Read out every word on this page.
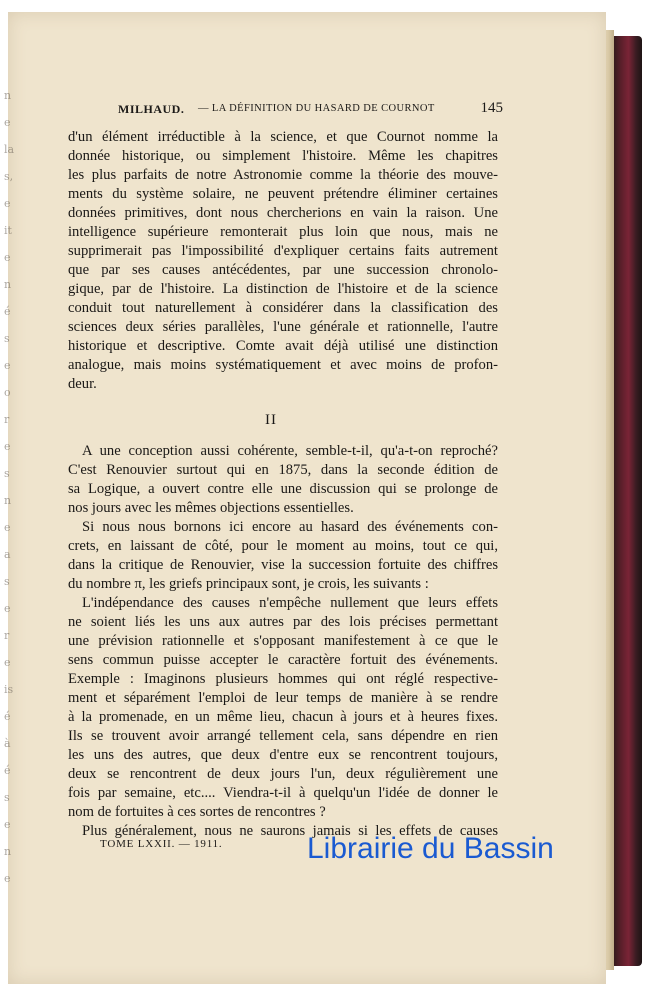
n
e
la
s,
e
it
e
n
é
s
e
o
r
e
s
n
e
a
s
e
r
e
is
é
à
é
s
e
n
e
MILHAUD. — LA DÉFINITION DU HASARD DE COURNOT	145
d'un élément irréductible à la science, et que Cournot nomme la
donnée historique, ou simplement l'histoire. Même les chapitres
les plus parfaits de notre Astronomie comme la théorie des mouve-
ments du système solaire, ne peuvent prétendre éliminer certaines
données primitives, dont nous chercherions en vain la raison. Une
intelligence supérieure remonterait plus loin que nous, mais ne
supprimerait pas l'impossibilité d'expliquer certains faits autrement
que par ses causes antécédentes, par une succession chronolo-
gique, par de l'histoire. La distinction de l'histoire et de la science
conduit tout naturellement à considérer dans la classification des
sciences deux séries parallèles, l'une générale et rationnelle, l'autre
historique et descriptive. Comte avait déjà utilisé une distinction
analogue, mais moins systématiquement et avec moins de profon-
deur.
II
A une conception aussi cohérente, semble-t-il, qu'a-t-on reproché?
C'est Renouvier surtout qui en 1875, dans la seconde édition de
sa Logique, a ouvert contre elle une discussion qui se prolonge de
nos jours avec les mêmes objections essentielles.
Si nous nous bornons ici encore au hasard des événements con-
crets, en laissant de côté, pour le moment au moins, tout ce qui,
dans la critique de Renouvier, vise la succession fortuite des chiffres
du nombre π, les griefs principaux sont, je crois, les suivants :
L'indépendance des causes n'empêche nullement que leurs effets
ne soient liés les uns aux autres par des lois précises permettant
une prévision rationnelle et s'opposant manifestement à ce que le
sens commun puisse accepter le caractère fortuit des événements.
Exemple : Imaginons plusieurs hommes qui ont réglé respective-
ment et séparément l'emploi de leur temps de manière à se rendre
à la promenade, en un même lieu, chacun à jours et à heures fixes.
Ils se trouvent avoir arrangé tellement cela, sans dépendre en rien
les uns des autres, que deux d'entre eux se rencontrent toujours,
deux se rencontrent de deux jours l'un, deux régulièrement une
fois par semaine, etc.... Viendra-t-il à quelqu'un l'idée de donner le
nom de fortuites à ces sortes de rencontres ?
Plus généralement, nous ne saurons jamais si les effets de causes
TOME LXXII. — 1911.	Librairie du Bassin
